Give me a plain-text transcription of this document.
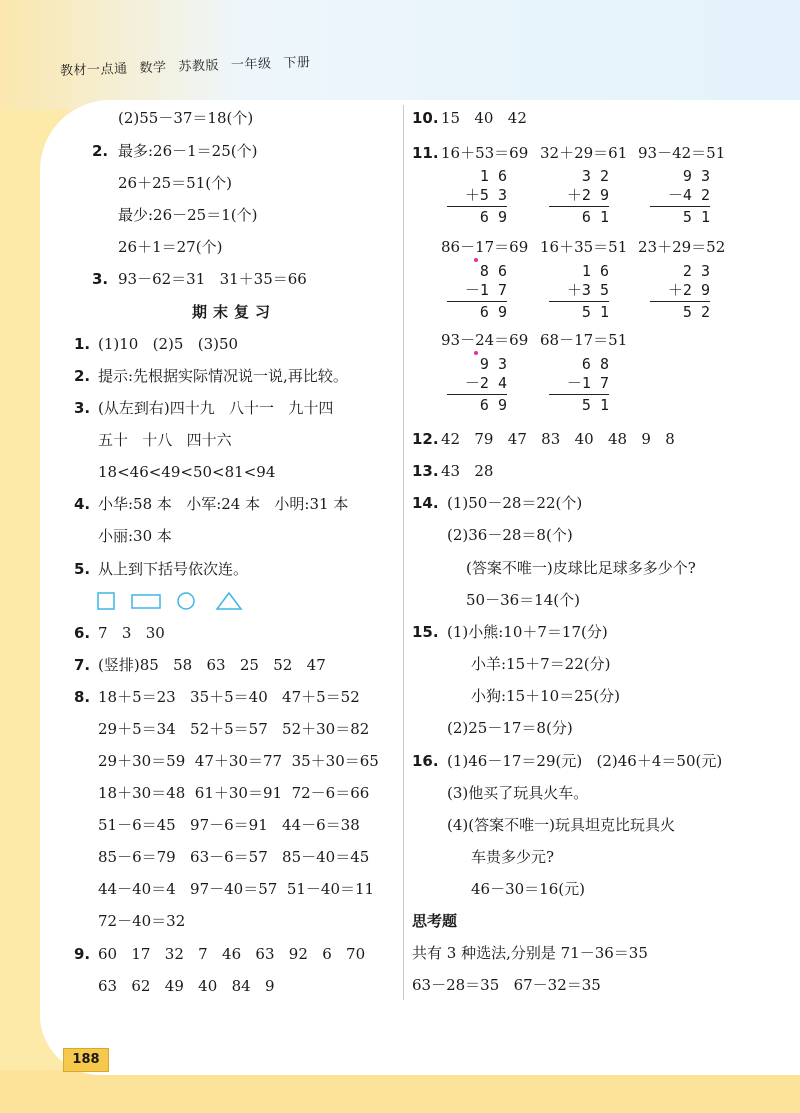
教材一点通 数学 苏教版 一年级 下册
(2)55－37＝18(个)
2. 最多:26－1＝25(个)
26＋25＝51(个)
最少:26－25＝1(个)
26＋1＝27(个)
3. 93－62＝31   31＋35＝66
期末复习
1. (1)10   (2)5   (3)50
2. 提示:先根据实际情况说一说,再比较。
3. (从左到右)四十九   八十一   九十四
五十   十八   四十六
18<46<49<50<81<94
4. 小华:58 本   小军:24 本   小明:31 本
小丽:30 本
5. 从上到下括号依次连。
6. 7   3   30
7. (竖排)85   58   63   25   52   47
8. 18＋5＝23   35＋5＝40   47＋5＝52
29＋5＝34   52＋5＝57   52＋30＝82
29＋30＝59  47＋30＝77  35＋30＝65
18＋30＝48  61＋30＝91  72－6＝66
51－6＝45   97－6＝91   44－6＝38
85－6＝79   63－6＝57   85－40＝45
44－40＝4   97－40＝57  51－40＝11
72－40＝32
9. 60   17   32   7   46   63   92   6   70
63   62   49   40   84   9
10. 15   40   42
11. 16＋53＝69 32＋29＝61 93－42＝51
1 6
＋5 3
6 9
3 2
＋2 9
6 1
9 3
－4 2
5 1
86－17＝69 16＋35＝51 23＋29＝52
8 6
－1 7
6 9
1 6
＋3 5
5 1
2 3
＋2 9
5 2
93－24＝69 68－17＝51
9 3
－2 4
6 9
6 8
－1 7
5 1
12. 42   79   47   83   40   48   9   8
13. 43   28
14. (1)50－28＝22(个)
(2)36－28＝8(个)
(答案不唯一)皮球比足球多多少个?
50－36＝14(个)
15. (1)小熊:10＋7＝17(分)
小羊:15＋7＝22(分)
小狗:15＋10＝25(分)
(2)25－17＝8(分)
16. (1)46－17＝29(元)   (2)46＋4＝50(元)
(3)他买了玩具火车。
(4)(答案不唯一)玩具坦克比玩具火
车贵多少元?
46－30＝16(元)
思考题
共有 3 种选法,分别是 71－36＝35
63－28＝35   67－32＝35
188
